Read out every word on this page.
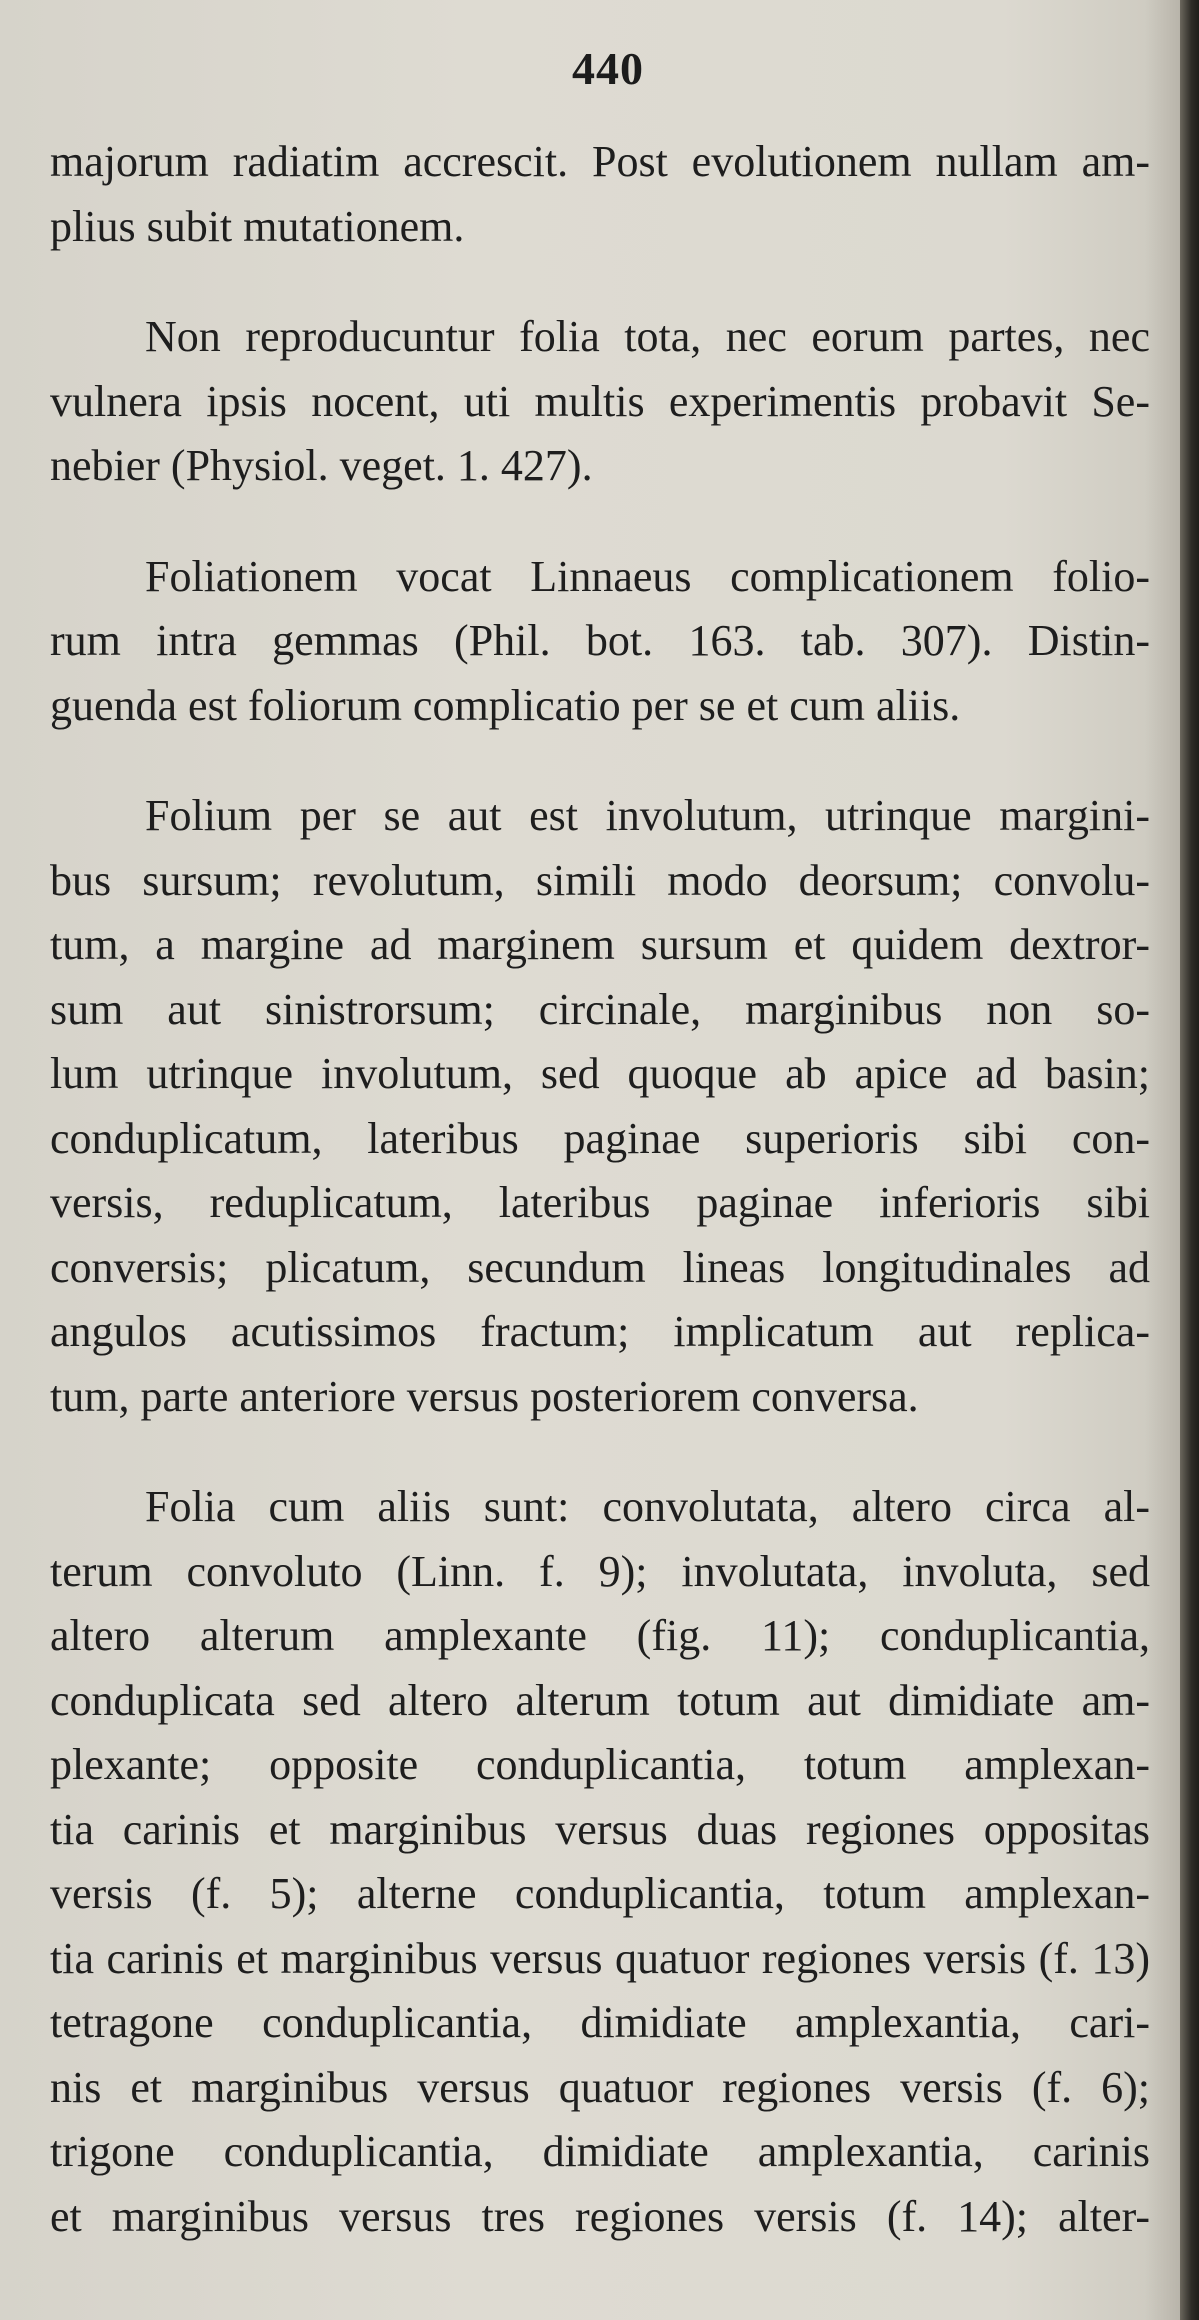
440
majorum radiatim accrescit. Post evolutionem nullam am-
plius subit mutationem.
Non reproducuntur folia tota, nec eorum partes, nec
vulnera ipsis nocent, uti multis experimentis probavit Se-
nebier (Physiol. veget. 1. 427).
Foliationem vocat Linnaeus complicationem folio-
rum intra gemmas (Phil. bot. 163. tab. 307). Distin-
guenda est foliorum complicatio per se et cum aliis.
Folium per se aut est involutum, utrinque margini-
bus sursum; revolutum, simili modo deorsum; convolu-
tum, a margine ad marginem sursum et quidem dextror-
sum aut sinistrorsum; circinale, marginibus non so-
lum utrinque involutum, sed quoque ab apice ad basin;
conduplicatum, lateribus paginae superioris sibi con-
versis, reduplicatum, lateribus paginae inferioris sibi
conversis; plicatum, secundum lineas longitudinales ad
angulos acutissimos fractum; implicatum aut replica-
tum, parte anteriore versus posteriorem conversa.
Folia cum aliis sunt: convolutata, altero circa al-
terum convoluto (Linn. f. 9); involutata, involuta, sed
altero alterum amplexante (fig. 11); conduplicantia,
conduplicata sed altero alterum totum aut dimidiate am-
plexante; opposite conduplicantia, totum amplexan-
tia carinis et marginibus versus duas regiones oppositas
versis (f. 5); alterne conduplicantia, totum amplexan-
tia carinis et marginibus versus quatuor regiones versis (f. 13)
tetragone conduplicantia, dimidiate amplexantia, cari-
nis et marginibus versus quatuor regiones versis (f. 6);
trigone conduplicantia, dimidiate amplexantia, carinis
et marginibus versus tres regiones versis (f. 14); alter-
